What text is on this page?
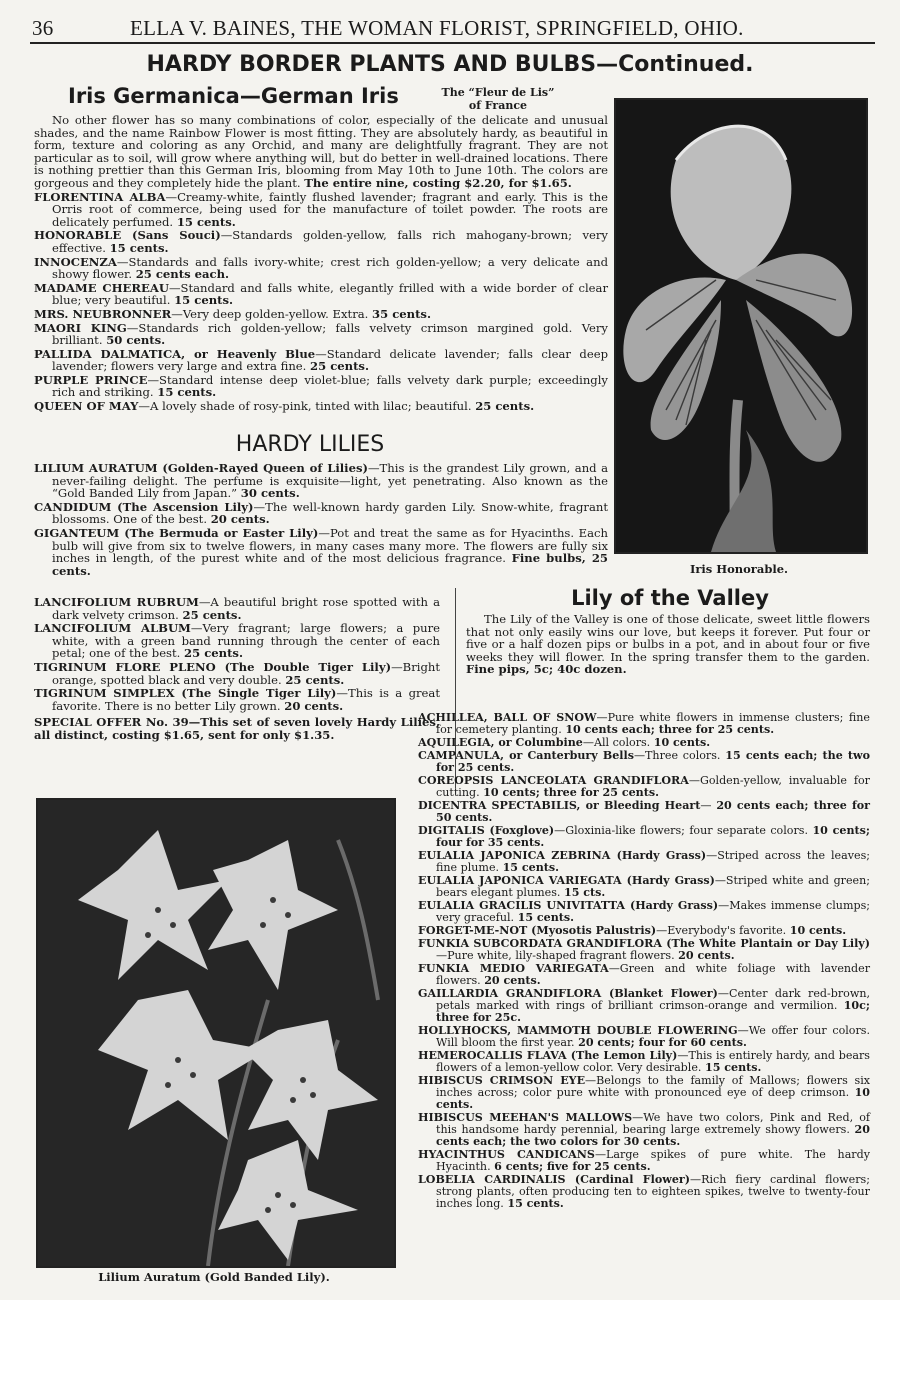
36	ELLA V. BAINES, THE WOMAN FLORIST, SPRINGFIELD, OHIO.
HARDY BORDER PLANTS AND BULBS—Continued.
Iris Germanica—German Iris	The “Fleur de Lis”
of France

No other flower has so many combinations of color, especially of the delicate and unusual shades, and the name Rainbow Flower is most fitting. They are absolutely hardy, as beautiful in form, texture and coloring as any Orchid, and many are delightfully fragrant. They are not particular as to soil, will grow where anything will, but do better in well-drained locations. There is nothing prettier than this German Iris, blooming from May 10th to June 10th. The colors are gorgeous and they completely hide the plant. The entire nine, costing $2.20, for $1.65.

FLORENTINA ALBA—Creamy-white, faintly flushed lavender; fragrant and early. This is the Orris root of commerce, being used for the manufacture of toilet powder. The roots are delicately perfumed. 15 cents.

HONORABLE (Sans Souci)—Standards golden-yellow, falls rich mahogany-brown; very effective. 15 cents.

INNOCENZA—Standards and falls ivory-white; crest rich golden-yellow; a very delicate and showy flower. 25 cents each.

MADAME CHEREAU—Standard and falls white, elegantly frilled with a wide border of clear blue; very beautiful. 15 cents.

MRS. NEUBRONNER—Very deep golden-yellow. Extra. 35 cents.

MAORI KING—Standards rich golden-yellow; falls velvety crimson margined gold. Very brilliant. 50 cents.

PALLIDA DALMATICA, or Heavenly Blue—Standard delicate lavender; falls clear deep lavender; flowers very large and extra fine. 25 cents.

PURPLE PRINCE—Standard intense deep violet-blue; falls velvety dark purple; exceedingly rich and striking. 15 cents.

QUEEN OF MAY—A lovely shade of rosy-pink, tinted with lilac; beautiful. 25 cents.

Iris Honorable.
HARDY LILIES

LILIUM AURATUM (Golden-Rayed Queen of Lilies)—This is the grandest Lily grown, and a never-failing delight. The perfume is exquisite—light, yet penetrating. Also known as the “Gold Banded Lily from Japan.” 30 cents.

CANDIDUM (The Ascension Lily)—The well-known hardy garden Lily. Snow-white, fragrant blossoms. One of the best. 20 cents.

GIGANTEUM (The Bermuda or Easter Lily)—Pot and treat the same as for Hyacinths. Each bulb will give from six to twelve flowers, in many cases many more. The flowers are fully six inches in length, of the purest white and of the most delicious fragrance. Fine bulbs, 25 cents.

LANCIFOLIUM RUBRUM—A beautiful bright rose spotted with a dark velvety crimson. 25 cents.

LANCIFOLIUM ALBUM—Very fragrant; large flowers; a pure white, with a green band running through the center of each petal; one of the best. 25 cents.

TIGRINUM FLORE PLENO (The Double Tiger Lily)—Bright orange, spotted black and very double. 25 cents.

TIGRINUM SIMPLEX (The Single Tiger Lily)—This is a great favorite. There is no better Lily grown. 20 cents.

SPECIAL OFFER No. 39—This set of seven lovely Hardy Lilies, all distinct, costing $1.65, sent for only $1.35.

Lily of the Valley

The Lily of the Valley is one of those delicate, sweet little flowers that not only easily wins our love, but keeps it forever. Put four or five or a half dozen pips or bulbs in a pot, and in about four or five weeks they will flower. In the spring transfer them to the garden. Fine pips, 5c; 40c dozen.

Lilium Auratum (Gold Banded Lily).

ACHILLEA, BALL OF SNOW—Pure white flowers in immense clusters; fine for cemetery planting. 10 cents each; three for 25 cents.

AQUILEGIA, or Columbine—All colors. 10 cents.

CAMPANULA, or Canterbury Bells—Three colors. 15 cents each; the two for 25 cents.

COREOPSIS LANCEOLATA GRANDIFLORA—Golden-yellow, invaluable for cutting. 10 cents; three for 25 cents.

DICENTRA SPECTABILIS, or Bleeding Heart— 20 cents each; three for 50 cents.

DIGITALIS (Foxglove)—Gloxinia-like flowers; four separate colors. 10 cents; four for 35 cents.

EULALIA JAPONICA ZEBRINA (Hardy Grass)—Striped across the leaves; fine plume. 15 cents.

EULALIA JAPONICA VARIEGATA (Hardy Grass)—Striped white and green; bears elegant plumes. 15 cts.

EULALIA GRACILIS UNIVITATTA (Hardy Grass)—Makes immense clumps; very graceful. 15 cents.

FORGET-ME-NOT (Myosotis Palustris)—Everybody's favorite. 10 cents.

FUNKIA SUBCORDATA GRANDIFLORA (The White Plantain or Day Lily)—Pure white, lily-shaped fragrant flowers. 20 cents.

FUNKIA MEDIO VARIEGATA—Green and white foliage with lavender flowers. 20 cents.

GAILLARDIA GRANDIFLORA (Blanket Flower)—Center dark red-brown, petals marked with rings of brilliant crimson-orange and vermilion. 10c; three for 25c.

HOLLYHOCKS, MAMMOTH DOUBLE FLOWERING—We offer four colors. Will bloom the first year. 20 cents; four for 60 cents.

HEMEROCALLIS FLAVA (The Lemon Lily)—This is entirely hardy, and bears flowers of a lemon-yellow color. Very desirable. 15 cents.

HIBISCUS CRIMSON EYE—Belongs to the family of Mallows; flowers six inches across; color pure white with pronounced eye of deep crimson. 10 cents.

HIBISCUS MEEHAN'S MALLOWS—We have two colors, Pink and Red, of this handsome hardy perennial, bearing large extremely showy flowers. 20 cents each; the two colors for 30 cents.

HYACINTHUS CANDICANS—Large spikes of pure white. The hardy Hyacinth. 6 cents; five for 25 cents.

LOBELIA CARDINALIS (Cardinal Flower)—Rich fiery cardinal flowers; strong plants, often producing ten to eighteen spikes, twelve to twenty-four inches long. 15 cents.
